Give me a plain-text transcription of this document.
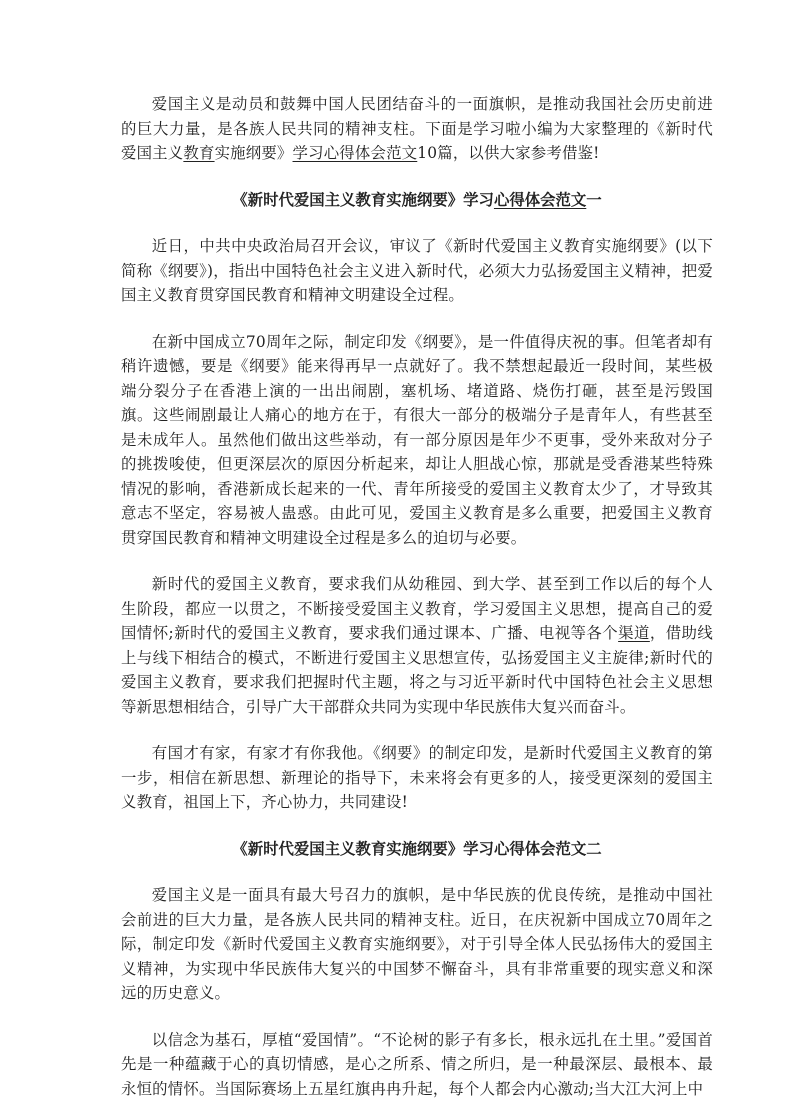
爱国主义是动员和鼓舞中国人民团结奋斗的一面旗帜，是推动我国社会历史前进的巨大力量，是各族人民共同的精神支柱。下面是学习啦小编为大家整理的《新时代爱国主义教育实施纲要》学习心得体会范文10篇，以供大家参考借鉴!

《新时代爱国主义教育实施纲要》学习心得体会范文一

近日，中共中央政治局召开会议，审议了《新时代爱国主义教育实施纲要》(以下简称《纲要》)，指出中国特色社会主义进入新时代，必须大力弘扬爱国主义精神，把爱国主义教育贯穿国民教育和精神文明建设全过程。

在新中国成立70周年之际，制定印发《纲要》，是一件值得庆祝的事。但笔者却有稍许遗憾，要是《纲要》能来得再早一点就好了。我不禁想起最近一段时间，某些极端分裂分子在香港上演的一出出闹剧，塞机场、堵道路、烧伤打砸，甚至是污毁国旗。这些闹剧最让人痛心的地方在于，有很大一部分的极端分子是青年人，有些甚至是未成年人。虽然他们做出这些举动，有一部分原因是年少不更事，受外来敌对分子的挑拨唆使，但更深层次的原因分析起来，却让人胆战心惊，那就是受香港某些特殊情况的影响，香港新成长起来的一代、青年所接受的爱国主义教育太少了，才导致其意志不坚定，容易被人蛊惑。由此可见，爱国主义教育是多么重要，把爱国主义教育贯穿国民教育和精神文明建设全过程是多么的迫切与必要。

新时代的爱国主义教育，要求我们从幼稚园、到大学、甚至到工作以后的每个人生阶段，都应一以贯之，不断接受爱国主义教育，学习爱国主义思想，提高自己的爱国情怀;新时代的爱国主义教育，要求我们通过课本、广播、电视等各个渠道，借助线上与线下相结合的模式，不断进行爱国主义思想宣传，弘扬爱国主义主旋律;新时代的爱国主义教育，要求我们把握时代主题，将之与习近平新时代中国特色社会主义思想等新思想相结合，引导广大干部群众共同为实现中华民族伟大复兴而奋斗。

有国才有家，有家才有你我他。《纲要》的制定印发，是新时代爱国主义教育的第一步，相信在新思想、新理论的指导下，未来将会有更多的人，接受更深刻的爱国主义教育，祖国上下，齐心协力，共同建设!

《新时代爱国主义教育实施纲要》学习心得体会范文二

爱国主义是一面具有最大号召力的旗帜，是中华民族的优良传统，是推动中国社会前进的巨大力量，是各族人民共同的精神支柱。近日，在庆祝新中国成立70周年之际，制定印发《新时代爱国主义教育实施纲要》，对于引导全体人民弘扬伟大的爱国主义精神，为实现中华民族伟大复兴的中国梦不懈奋斗，具有非常重要的现实意义和深远的历史意义。

以信念为基石，厚植“爱国情”。“不论树的影子有多长，根永远扎在土里。”爱国首先是一种蕴藏于心的真切情感，是心之所系、情之所归，是一种最深层、最根本、最永恒的情怀。当国际赛场上五星红旗冉冉升起，每个人都会内心激动;当大江大河上中
